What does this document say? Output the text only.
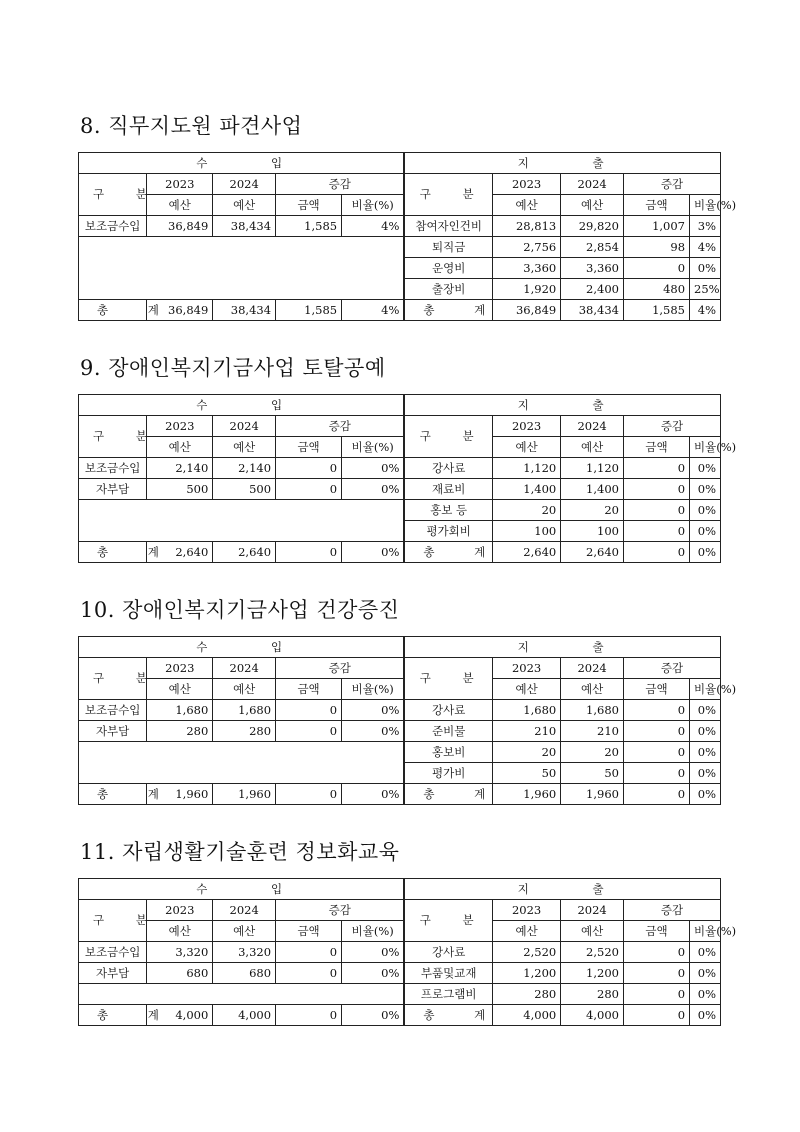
8. 직무지도원 파견사업
수 입					지 출				
구 분	2023	2024	증감		구 분	2023	2024	증감	
	예산	예산	금액	비율(%)		예산	예산	금액	비율(%)
보조금수입	36,849	38,434	1,585	4%	참여자인건비	28,813	29,820	1,007	3%
					퇴직금	2,756	2,854	98	4%
					운영비	3,360	3,360	0	0%
					출장비	1,920	2,400	480	25%
총 계	36,849	38,434	1,585	4%	총 계	36,849	38,434	1,585	4%
9. 장애인복지기금사업 토탈공예
수 입					지 출				
구 분	2023	2024	증감		구 분	2023	2024	증감	
	예산	예산	금액	비율(%)		예산	예산	금액	비율(%)
보조금수입	2,140	2,140	0	0%	강사료	1,120	1,120	0	0%
자부담	500	500	0	0%	재료비	1,400	1,400	0	0%
					홍보 등	20	20	0	0%
					평가회비	100	100	0	0%
총 계	2,640	2,640	0	0%	총 계	2,640	2,640	0	0%
10. 장애인복지기금사업 건강증진
수 입					지 출				
구 분	2023	2024	증감		구 분	2023	2024	증감	
	예산	예산	금액	비율(%)		예산	예산	금액	비율(%)
보조금수입	1,680	1,680	0	0%	강사료	1,680	1,680	0	0%
자부담	280	280	0	0%	준비물	210	210	0	0%
					홍보비	20	20	0	0%
					평가비	50	50	0	0%
총 계	1,960	1,960	0	0%	총 계	1,960	1,960	0	0%
11. 자립생활기술훈련 정보화교육
수 입					지 출				
구 분	2023	2024	증감		구 분	2023	2024	증감	
	예산	예산	금액	비율(%)		예산	예산	금액	비율(%)
보조금수입	3,320	3,320	0	0%	강사료	2,520	2,520	0	0%
자부담	680	680	0	0%	부품및교재	1,200	1,200	0	0%
					프로그램비	280	280	0	0%
총 계	4,000	4,000	0	0%	총 계	4,000	4,000	0	0%
